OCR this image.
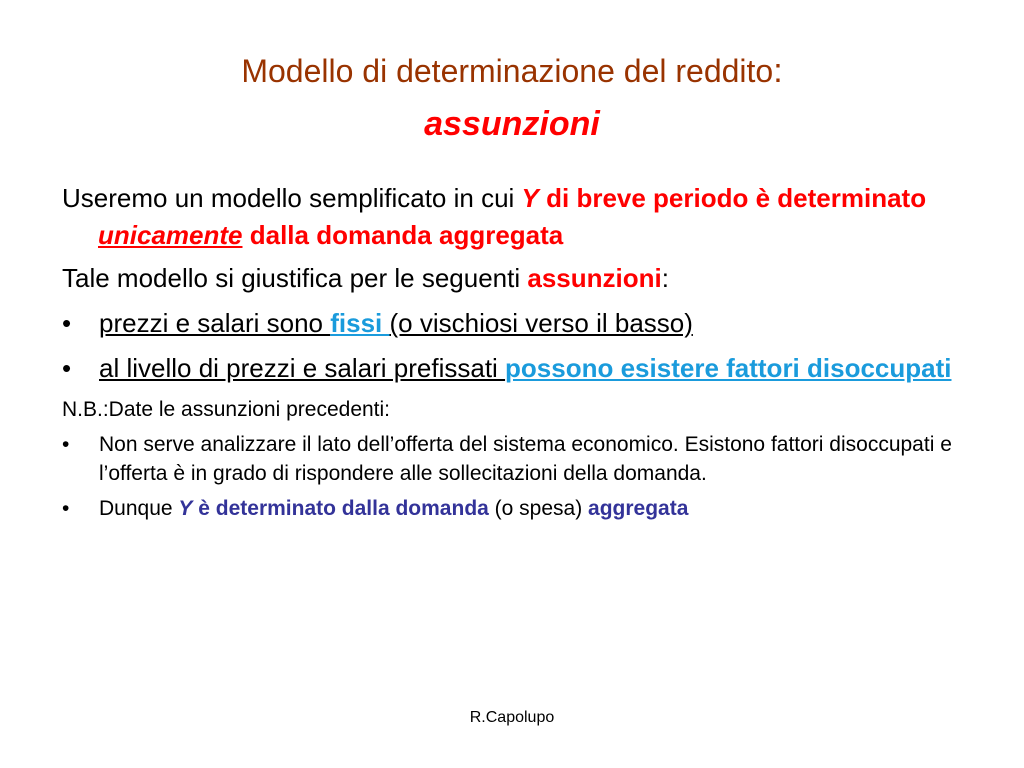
Modello di determinazione del reddito:
assunzioni

Useremo un modello semplificato in cui Y di breve periodo è determinato unicamente dalla domanda aggregata

Tale modello si giustifica per le seguenti assunzioni:

• prezzi e salari sono fissi (o vischiosi verso il basso)
• al livello di prezzi e salari prefissati possono esistere fattori disoccupati

N.B.:Date le assunzioni precedenti:

• Non serve analizzare il lato dell’offerta del sistema economico. Esistono fattori disoccupati e l’offerta è in grado di rispondere alle sollecitazioni della domanda.
• Dunque Y è determinato dalla domanda (o spesa) aggregata
R.Capolupo
